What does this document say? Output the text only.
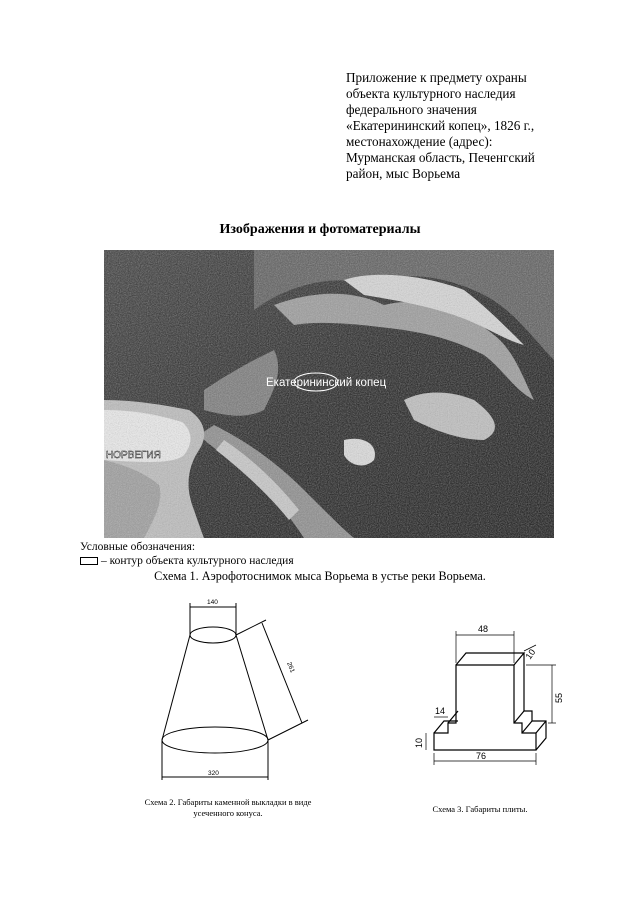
Приложение к предмету охраны
объекта культурного наследия
федерального значения
«Екатерининский копец», 1826 г.,
местонахождение (адрес):
Мурманская область, Печенгский
район, мыс Ворьема
Изображения и фотоматериалы
Екатерининский копец
НОРВЕГИЯ
Условные обозначения:
– контур объекта культурного наследия
Схема 1. Аэрофотоснимок мыса Ворьема в устье реки Ворьема.
140
320
261
Схема 2. Габариты каменной выкладки в виде
усеченного конуса.
48
10
55
14
10
76
Схема 3. Габариты плиты.
